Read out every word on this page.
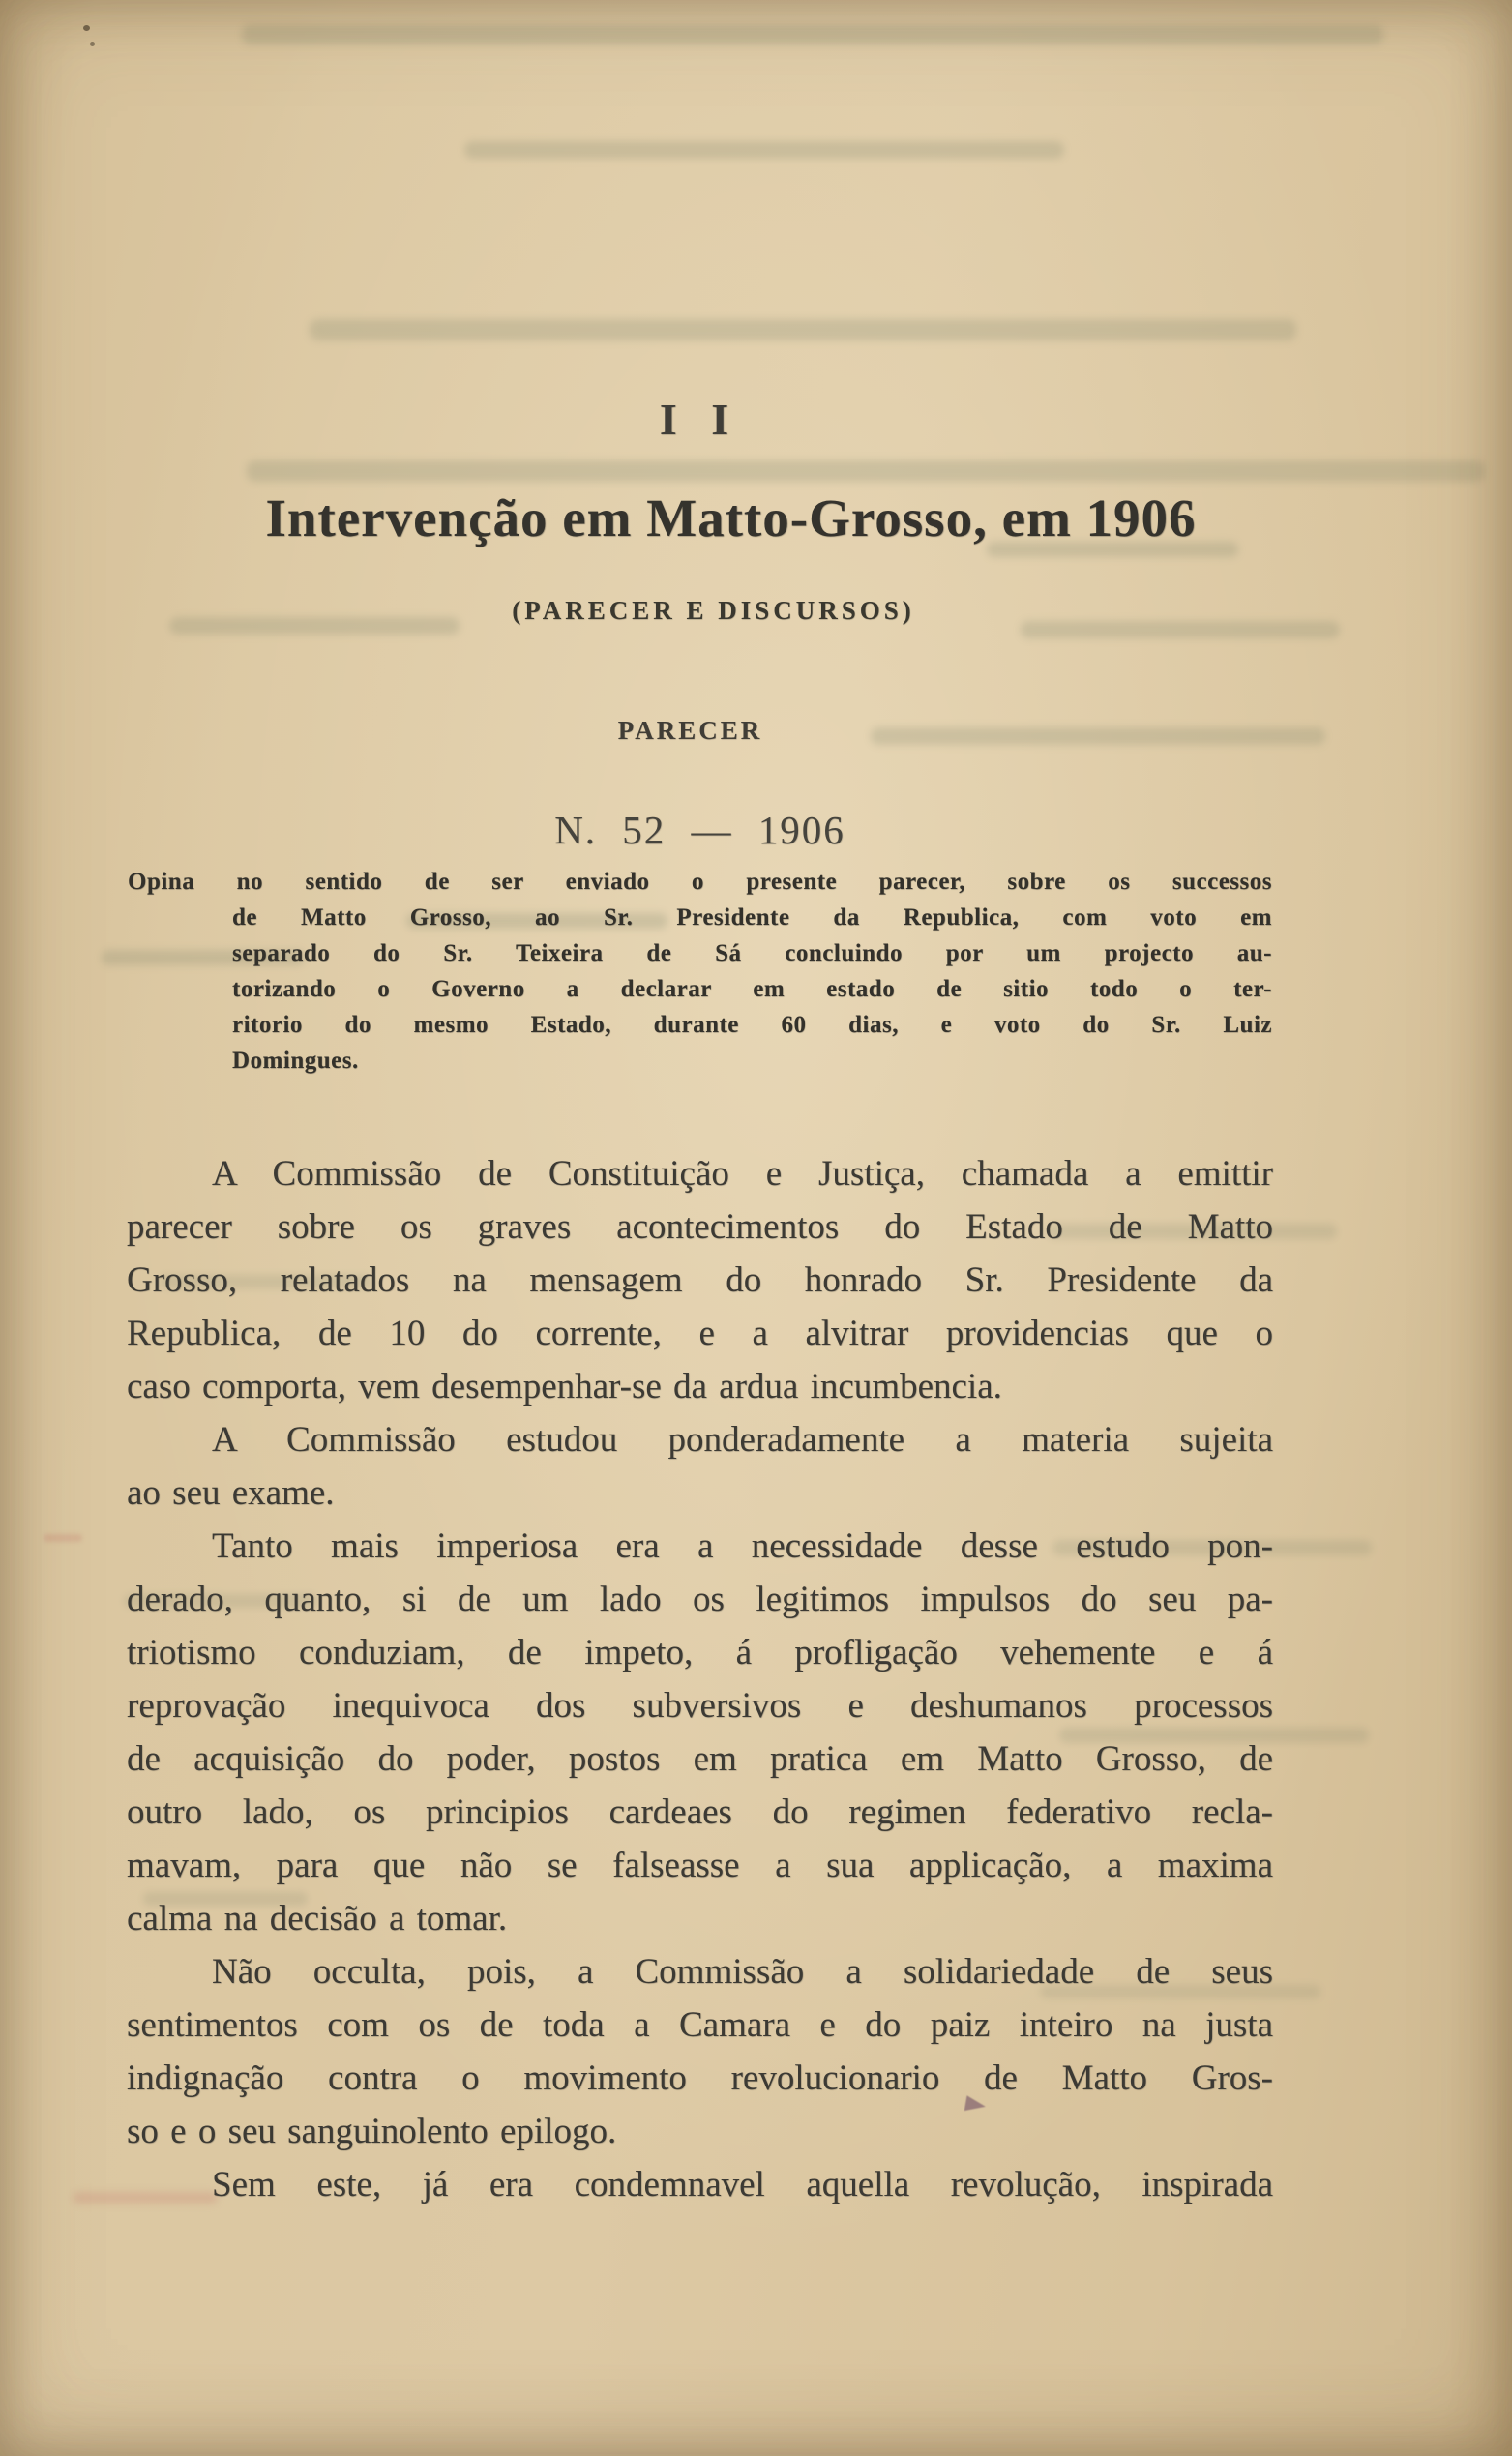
I I
Intervenção em Matto-Grosso, em 1906
(PARECER E DISCURSOS)
PARECER
N. 52 — 1906
Opina no sentido de ser enviado o presente parecer, sobre os successos
de Matto Grosso, ao Sr. Presidente da Republica, com voto em
separado do Sr. Teixeira de Sá concluindo por um projecto au-
torizando o Governo a declarar em estado de sitio todo o ter-
ritorio do mesmo Estado, durante 60 dias, e voto do Sr. Luiz
Domingues.
A Commissão de Constituição e Justiça, chamada a emittir
parecer sobre os graves acontecimentos do Estado de Matto
Grosso, relatados na mensagem do honrado Sr. Presidente da
Republica, de 10 do corrente, e a alvitrar providencias que o
caso comporta, vem desempenhar-se da ardua incumbencia.
A Commissão estudou ponderadamente a materia sujeita
ao seu exame.
Tanto mais imperiosa era a necessidade desse estudo pon-
derado, quanto, si de um lado os legitimos impulsos do seu pa-
triotismo conduziam, de impeto, á profligação vehemente e á
reprovação inequivoca dos subversivos e deshumanos processos
de acquisição do poder, postos em pratica em Matto Grosso, de
outro lado, os principios cardeaes do regimen federativo recla-
mavam, para que não se falseasse a sua applicação, a maxima
calma na decisão a tomar.
Não occulta, pois, a Commissão a solidariedade de seus
sentimentos com os de toda a Camara e do paiz inteiro na justa
indignação contra o movimento revolucionario de Matto Gros-
so e o seu sanguinolento epilogo.
Sem este, já era condemnavel aquella revolução, inspirada
